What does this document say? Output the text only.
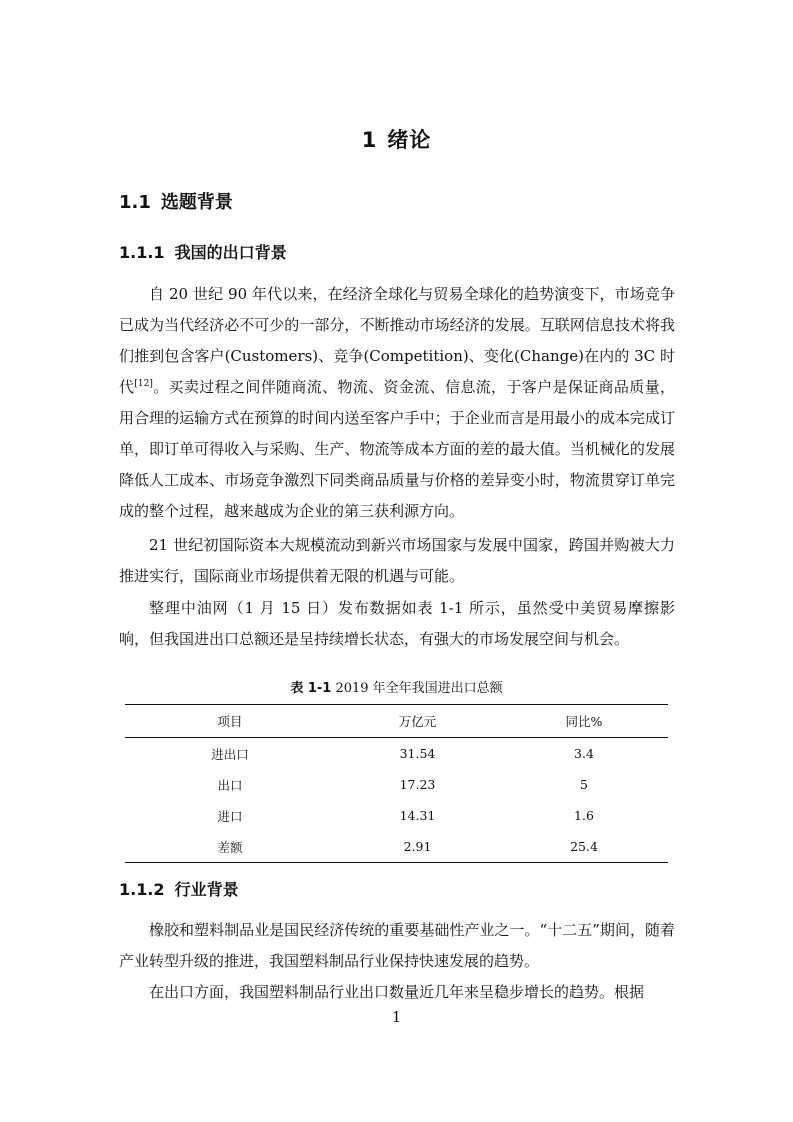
1 绪论
1.1 选题背景
1.1.1 我国的出口背景

自 20 世纪 90 年代以来，在经济全球化与贸易全球化的趋势演变下，市场竞争已成为当代经济必不可少的一部分，不断推动市场经济的发展。互联网信息技术将我们推到包含客户(Customers)、竞争(Competition)、变化(Change)在内的 3C 时代[12]。买卖过程之间伴随商流、物流、资金流、信息流，于客户是保证商品质量，用合理的运输方式在预算的时间内送至客户手中；于企业而言是用最小的成本完成订单，即订单可得收入与采购、生产、物流等成本方面的差的最大值。当机械化的发展降低人工成本、市场竞争激烈下同类商品质量与价格的差异变小时，物流贯穿订单完成的整个过程，越来越成为企业的第三获利源方向。

21 世纪初国际资本大规模流动到新兴市场国家与发展中国家，跨国并购被大力推进实行，国际商业市场提供着无限的机遇与可能。

整理中油网（1 月 15 日）发布数据如表 1-1 所示，虽然受中美贸易摩擦影响，但我国进出口总额还是呈持续增长状态，有强大的市场发展空间与机会。

表 1-1 2019 年全年我国进出口总额
项目	万亿元	同比%
进出口	31.54	3.4
出口	17.23	5
进口	14.31	1.6
差额	2.91	25.4
1.1.2 行业背景

橡胶和塑料制品业是国民经济传统的重要基础性产业之一。“十二五”期间，随着产业转型升级的推进，我国塑料制品行业保持快速发展的趋势。

在出口方面，我国塑料制品行业出口数量近几年来呈稳步增长的趋势。根据

1
